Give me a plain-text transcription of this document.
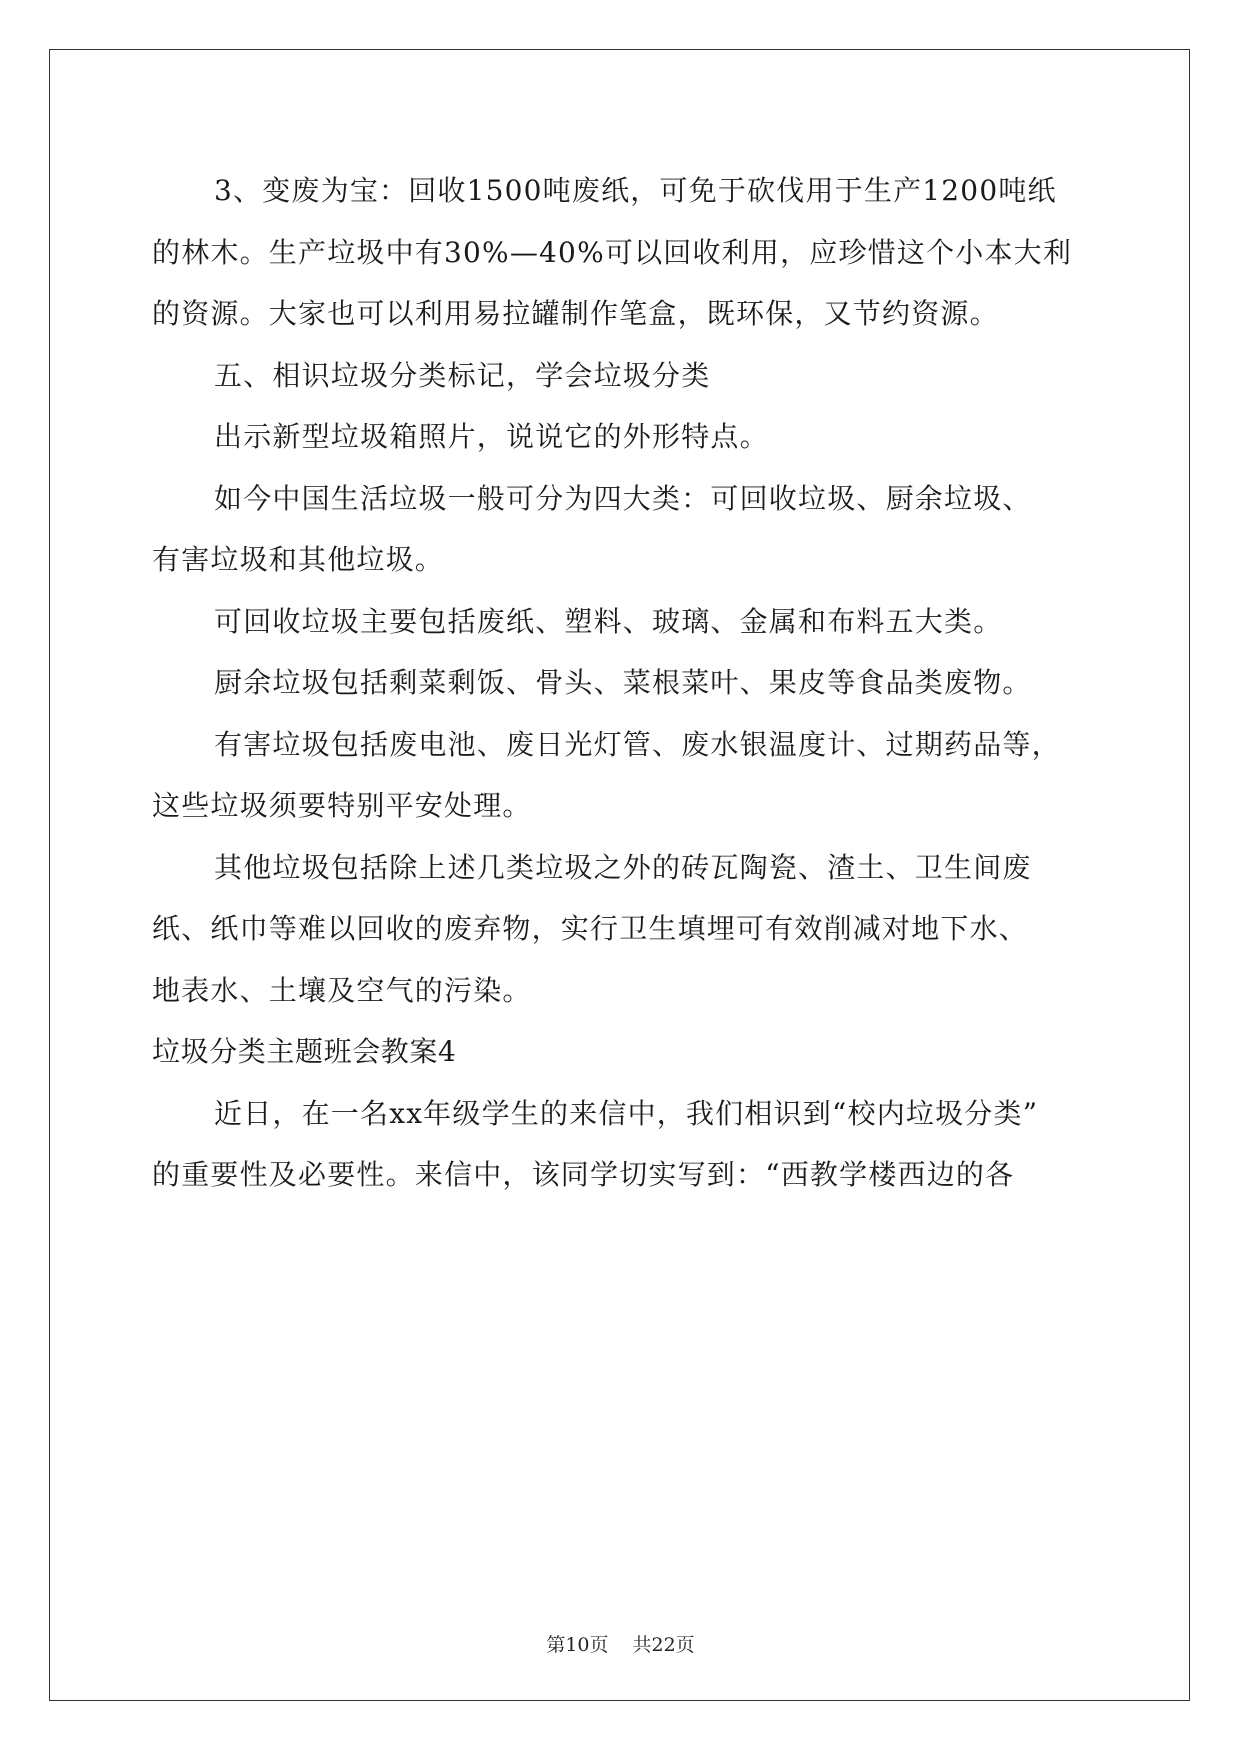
3、变废为宝：回收1500吨废纸，可免于砍伐用于生产1200吨纸
的林木。生产垃圾中有30%—40%可以回收利用，应珍惜这个小本大利
的资源。大家也可以利用易拉罐制作笔盒，既环保，又节约资源。
五、相识垃圾分类标记，学会垃圾分类
出示新型垃圾箱照片，说说它的外形特点。
如今中国生活垃圾一般可分为四大类：可回收垃圾、厨余垃圾、
有害垃圾和其他垃圾。
可回收垃圾主要包括废纸、塑料、玻璃、金属和布料五大类。
厨余垃圾包括剩菜剩饭、骨头、菜根菜叶、果皮等食品类废物。
有害垃圾包括废电池、废日光灯管、废水银温度计、过期药品等，
这些垃圾须要特别平安处理。
其他垃圾包括除上述几类垃圾之外的砖瓦陶瓷、渣土、卫生间废
纸、纸巾等难以回收的废弃物，实行卫生填埋可有效削减对地下水、
地表水、土壤及空气的污染。
垃圾分类主题班会教案4
近日，在一名xx年级学生的来信中，我们相识到“校内垃圾分类”
的重要性及必要性。来信中，该同学切实写到：“西教学楼西边的各
第10页 共22页
